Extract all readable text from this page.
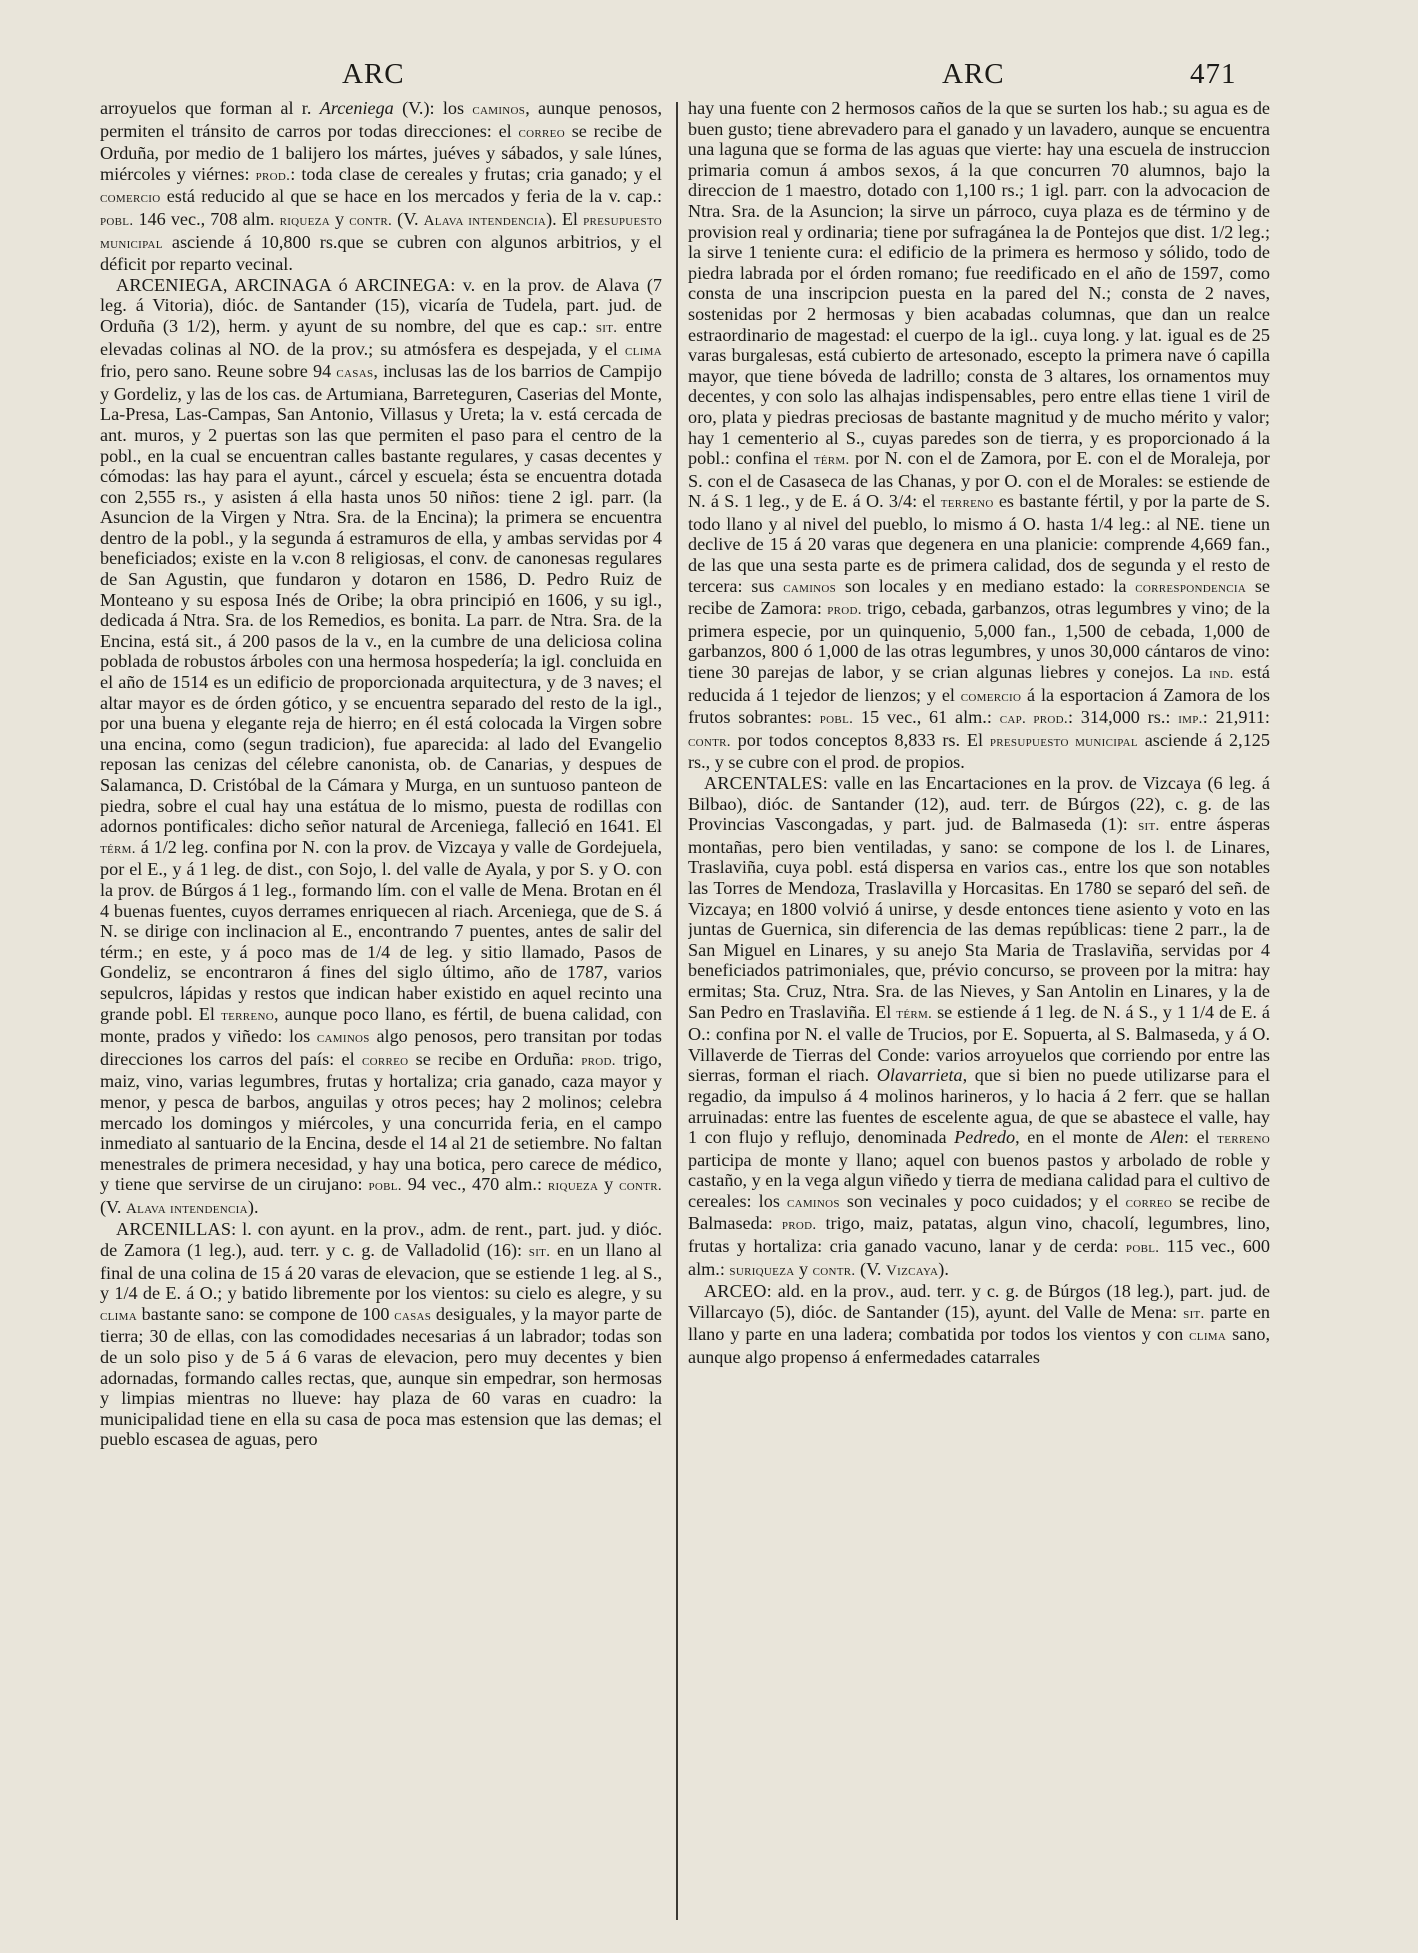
ARC	ARC	471

arroyuelos que forman al r. Arceniega (V.): los caminos, aunque penosos, permiten el tránsito de carros por todas direcciones: el correo se recibe de Orduña, por medio de 1 balijero los mártes, juéves y sábados, y sale lúnes, miércoles y viérnes: prod.: toda clase de cereales y frutas; cria ganado; y el comercio está reducido al que se hace en los mercados y feria de la v. cap.: pobl. 146 vec., 708 alm. riqueza y contr. (V. Alava intendencia). El presupuesto municipal asciende á 10,800 rs.que se cubren con algunos arbitrios, y el déficit por reparto vecinal.

ARCENIEGA, ARCINAGA ó ARCINEGA: v. en la prov. de Alava (7 leg. á Vitoria), dióc. de Santander (15), vicaría de Tudela, part. jud. de Orduña (3 1/2), herm. y ayunt de su nombre, del que es cap.: sit. entre elevadas colinas al NO. de la prov.; su atmósfera es despejada, y el clima frio, pero sano. Reune sobre 94 casas, inclusas las de los barrios de Campijo y Gordeliz, y las de los cas. de Artumiana, Barreteguren, Caserias del Monte, La-Presa, Las-Campas, San Antonio, Villasus y Ureta; la v. está cercada de ant. muros, y 2 puertas son las que permiten el paso para el centro de la pobl., en la cual se encuentran calles bastante regulares, y casas decentes y cómodas: las hay para el ayunt., cárcel y escuela; ésta se encuentra dotada con 2,555 rs., y asisten á ella hasta unos 50 niños: tiene 2 igl. parr. (la Asuncion de la Virgen y Ntra. Sra. de la Encina); la primera se encuentra dentro de la pobl., y la segunda á estramuros de ella, y ambas servidas por 4 beneficiados; existe en la v.con 8 religiosas, el conv. de canonesas regulares de San Agustin, que fundaron y dotaron en 1586, D. Pedro Ruiz de Monteano y su esposa Inés de Oribe; la obra principió en 1606, y su igl., dedicada á Ntra. Sra. de los Remedios, es bonita. La parr. de Ntra. Sra. de la Encina, está sit., á 200 pasos de la v., en la cumbre de una deliciosa colina poblada de robustos árboles con una hermosa hospedería; la igl. concluida en el año de 1514 es un edificio de proporcionada arquitectura, y de 3 naves; el altar mayor es de órden gótico, y se encuentra separado del resto de la igl., por una buena y elegante reja de hierro; en él está colocada la Virgen sobre una encina, como (segun tradicion), fue aparecida: al lado del Evangelio reposan las cenizas del célebre canonista, ob. de Canarias, y despues de Salamanca, D. Cristóbal de la Cámara y Murga, en un suntuoso panteon de piedra, sobre el cual hay una estátua de lo mismo, puesta de rodillas con adornos pontificales: dicho señor natural de Arceniega, falleció en 1641. El térm. á 1/2 leg. confina por N. con la prov. de Vizcaya y valle de Gordejuela, por el E., y á 1 leg. de dist., con Sojo, l. del valle de Ayala, y por S. y O. con la prov. de Búrgos á 1 leg., formando lím. con el valle de Mena. Brotan en él 4 buenas fuentes, cuyos derrames enriquecen al riach. Arceniega, que de S. á N. se dirige con inclinacion al E., encontrando 7 puentes, antes de salir del térm.; en este, y á poco mas de 1/4 de leg. y sitio llamado, Pasos de Gondeliz, se encontraron á fines del siglo último, año de 1787, varios sepulcros, lápidas y restos que indican haber existido en aquel recinto una grande pobl. El terreno, aunque poco llano, es fértil, de buena calidad, con monte, prados y viñedo: los caminos algo penosos, pero transitan por todas direcciones los carros del país: el correo se recibe en Orduña: prod. trigo, maiz, vino, varias legumbres, frutas y hortaliza; cria ganado, caza mayor y menor, y pesca de barbos, anguilas y otros peces; hay 2 molinos; celebra mercado los domingos y miércoles, y una concurrida feria, en el campo inmediato al santuario de la Encina, desde el 14 al 21 de setiembre. No faltan menestrales de primera necesidad, y hay una botica, pero carece de médico, y tiene que servirse de un cirujano: pobl. 94 vec., 470 alm.: riqueza y contr. (V. Alava intendencia).

ARCENILLAS: l. con ayunt. en la prov., adm. de rent., part. jud. y dióc. de Zamora (1 leg.), aud. terr. y c. g. de Valladolid (16): sit. en un llano al final de una colina de 15 á 20 varas de elevacion, que se estiende 1 leg. al S., y 1/4 de E. á O.; y batido libremente por los vientos: su cielo es alegre, y su clima bastante sano: se compone de 100 casas desiguales, y la mayor parte de tierra; 30 de ellas, con las comodidades necesarias á un labrador; todas son de un solo piso y de 5 á 6 varas de elevacion, pero muy decentes y bien adornadas, formando calles rectas, que, aunque sin empedrar, son hermosas y limpias mientras no llueve: hay plaza de 60 varas en cuadro: la municipalidad tiene en ella su casa de poca mas estension que las demas; el pueblo escasea de aguas, pero

hay una fuente con 2 hermosos caños de la que se surten los hab.; su agua es de buen gusto; tiene abrevadero para el ganado y un lavadero, aunque se encuentra una laguna que se forma de las aguas que vierte: hay una escuela de instruccion primaria comun á ambos sexos, á la que concurren 70 alumnos, bajo la direccion de 1 maestro, dotado con 1,100 rs.; 1 igl. parr. con la advocacion de Ntra. Sra. de la Asuncion; la sirve un párroco, cuya plaza es de término y de provision real y ordinaria; tiene por sufragánea la de Pontejos que dist. 1/2 leg.; la sirve 1 teniente cura: el edificio de la primera es hermoso y sólido, todo de piedra labrada por el órden romano; fue reedificado en el año de 1597, como consta de una inscripcion puesta en la pared del N.; consta de 2 naves, sostenidas por 2 hermosas y bien acabadas columnas, que dan un realce estraordinario de magestad: el cuerpo de la igl.. cuya long. y lat. igual es de 25 varas burgalesas, está cubierto de artesonado, escepto la primera nave ó capilla mayor, que tiene bóveda de ladrillo; consta de 3 altares, los ornamentos muy decentes, y con solo las alhajas indispensables, pero entre ellas tiene 1 viril de oro, plata y piedras preciosas de bastante magnitud y de mucho mérito y valor; hay 1 cementerio al S., cuyas paredes son de tierra, y es proporcionado á la pobl.: confina el térm. por N. con el de Zamora, por E. con el de Moraleja, por S. con el de Casaseca de las Chanas, y por O. con el de Morales: se estiende de N. á S. 1 leg., y de E. á O. 3/4: el terreno es bastante fértil, y por la parte de S. todo llano y al nivel del pueblo, lo mismo á O. hasta 1/4 leg.: al NE. tiene un declive de 15 á 20 varas que degenera en una planicie: comprende 4,669 fan., de las que una sesta parte es de primera calidad, dos de segunda y el resto de tercera: sus caminos son locales y en mediano estado: la correspondencia se recibe de Zamora: prod. trigo, cebada, garbanzos, otras legumbres y vino; de la primera especie, por un quinquenio, 5,000 fan., 1,500 de cebada, 1,000 de garbanzos, 800 ó 1,000 de las otras legumbres, y unos 30,000 cántaros de vino: tiene 30 parejas de labor, y se crian algunas liebres y conejos. La ind. está reducida á 1 tejedor de lienzos; y el comercio á la esportacion á Zamora de los frutos sobrantes: pobl. 15 vec., 61 alm.: cap. prod.: 314,000 rs.: imp.: 21,911: contr. por todos conceptos 8,833 rs. El presupuesto municipal asciende á 2,125 rs., y se cubre con el prod. de propios.

ARCENTALES: valle en las Encartaciones en la prov. de Vizcaya (6 leg. á Bilbao), dióc. de Santander (12), aud. terr. de Búrgos (22), c. g. de las Provincias Vascongadas, y part. jud. de Balmaseda (1): sit. entre ásperas montañas, pero bien ventiladas, y sano: se compone de los l. de Linares, Traslaviña, cuya pobl. está dispersa en varios cas., entre los que son notables las Torres de Mendoza, Traslavilla y Horcasitas. En 1780 se separó del señ. de Vizcaya; en 1800 volvió á unirse, y desde entonces tiene asiento y voto en las juntas de Guernica, sin diferencia de las demas repúblicas: tiene 2 parr., la de San Miguel en Linares, y su anejo Sta Maria de Traslaviña, servidas por 4 beneficiados patrimoniales, que, prévio concurso, se proveen por la mitra: hay ermitas; Sta. Cruz, Ntra. Sra. de las Nieves, y San Antolin en Linares, y la de San Pedro en Traslaviña. El térm. se estiende á 1 leg. de N. á S., y 1 1/4 de E. á O.: confina por N. el valle de Trucios, por E. Sopuerta, al S. Balmaseda, y á O. Villaverde de Tierras del Conde: varios arroyuelos que corriendo por entre las sierras, forman el riach. Olavarrieta, que si bien no puede utilizarse para el regadio, da impulso á 4 molinos harineros, y lo hacia á 2 ferr. que se hallan arruinadas: entre las fuentes de escelente agua, de que se abastece el valle, hay 1 con flujo y reflujo, denominada Pedredo, en el monte de Alen: el terreno participa de monte y llano; aquel con buenos pastos y arbolado de roble y castaño, y en la vega algun viñedo y tierra de mediana calidad para el cultivo de cereales: los caminos son vecinales y poco cuidados; y el correo se recibe de Balmaseda: prod. trigo, maiz, patatas, algun vino, chacolí, legumbres, lino, frutas y hortaliza: cria ganado vacuno, lanar y de cerda: pobl. 115 vec., 600 alm.: suriqueza y contr. (V. Vizcaya).

ARCEO: ald. en la prov., aud. terr. y c. g. de Búrgos (18 leg.), part. jud. de Villarcayo (5), dióc. de Santander (15), ayunt. del Valle de Mena: sit. parte en llano y parte en una ladera; combatida por todos los vientos y con clima sano, aunque algo propenso á enfermedades catarrales
